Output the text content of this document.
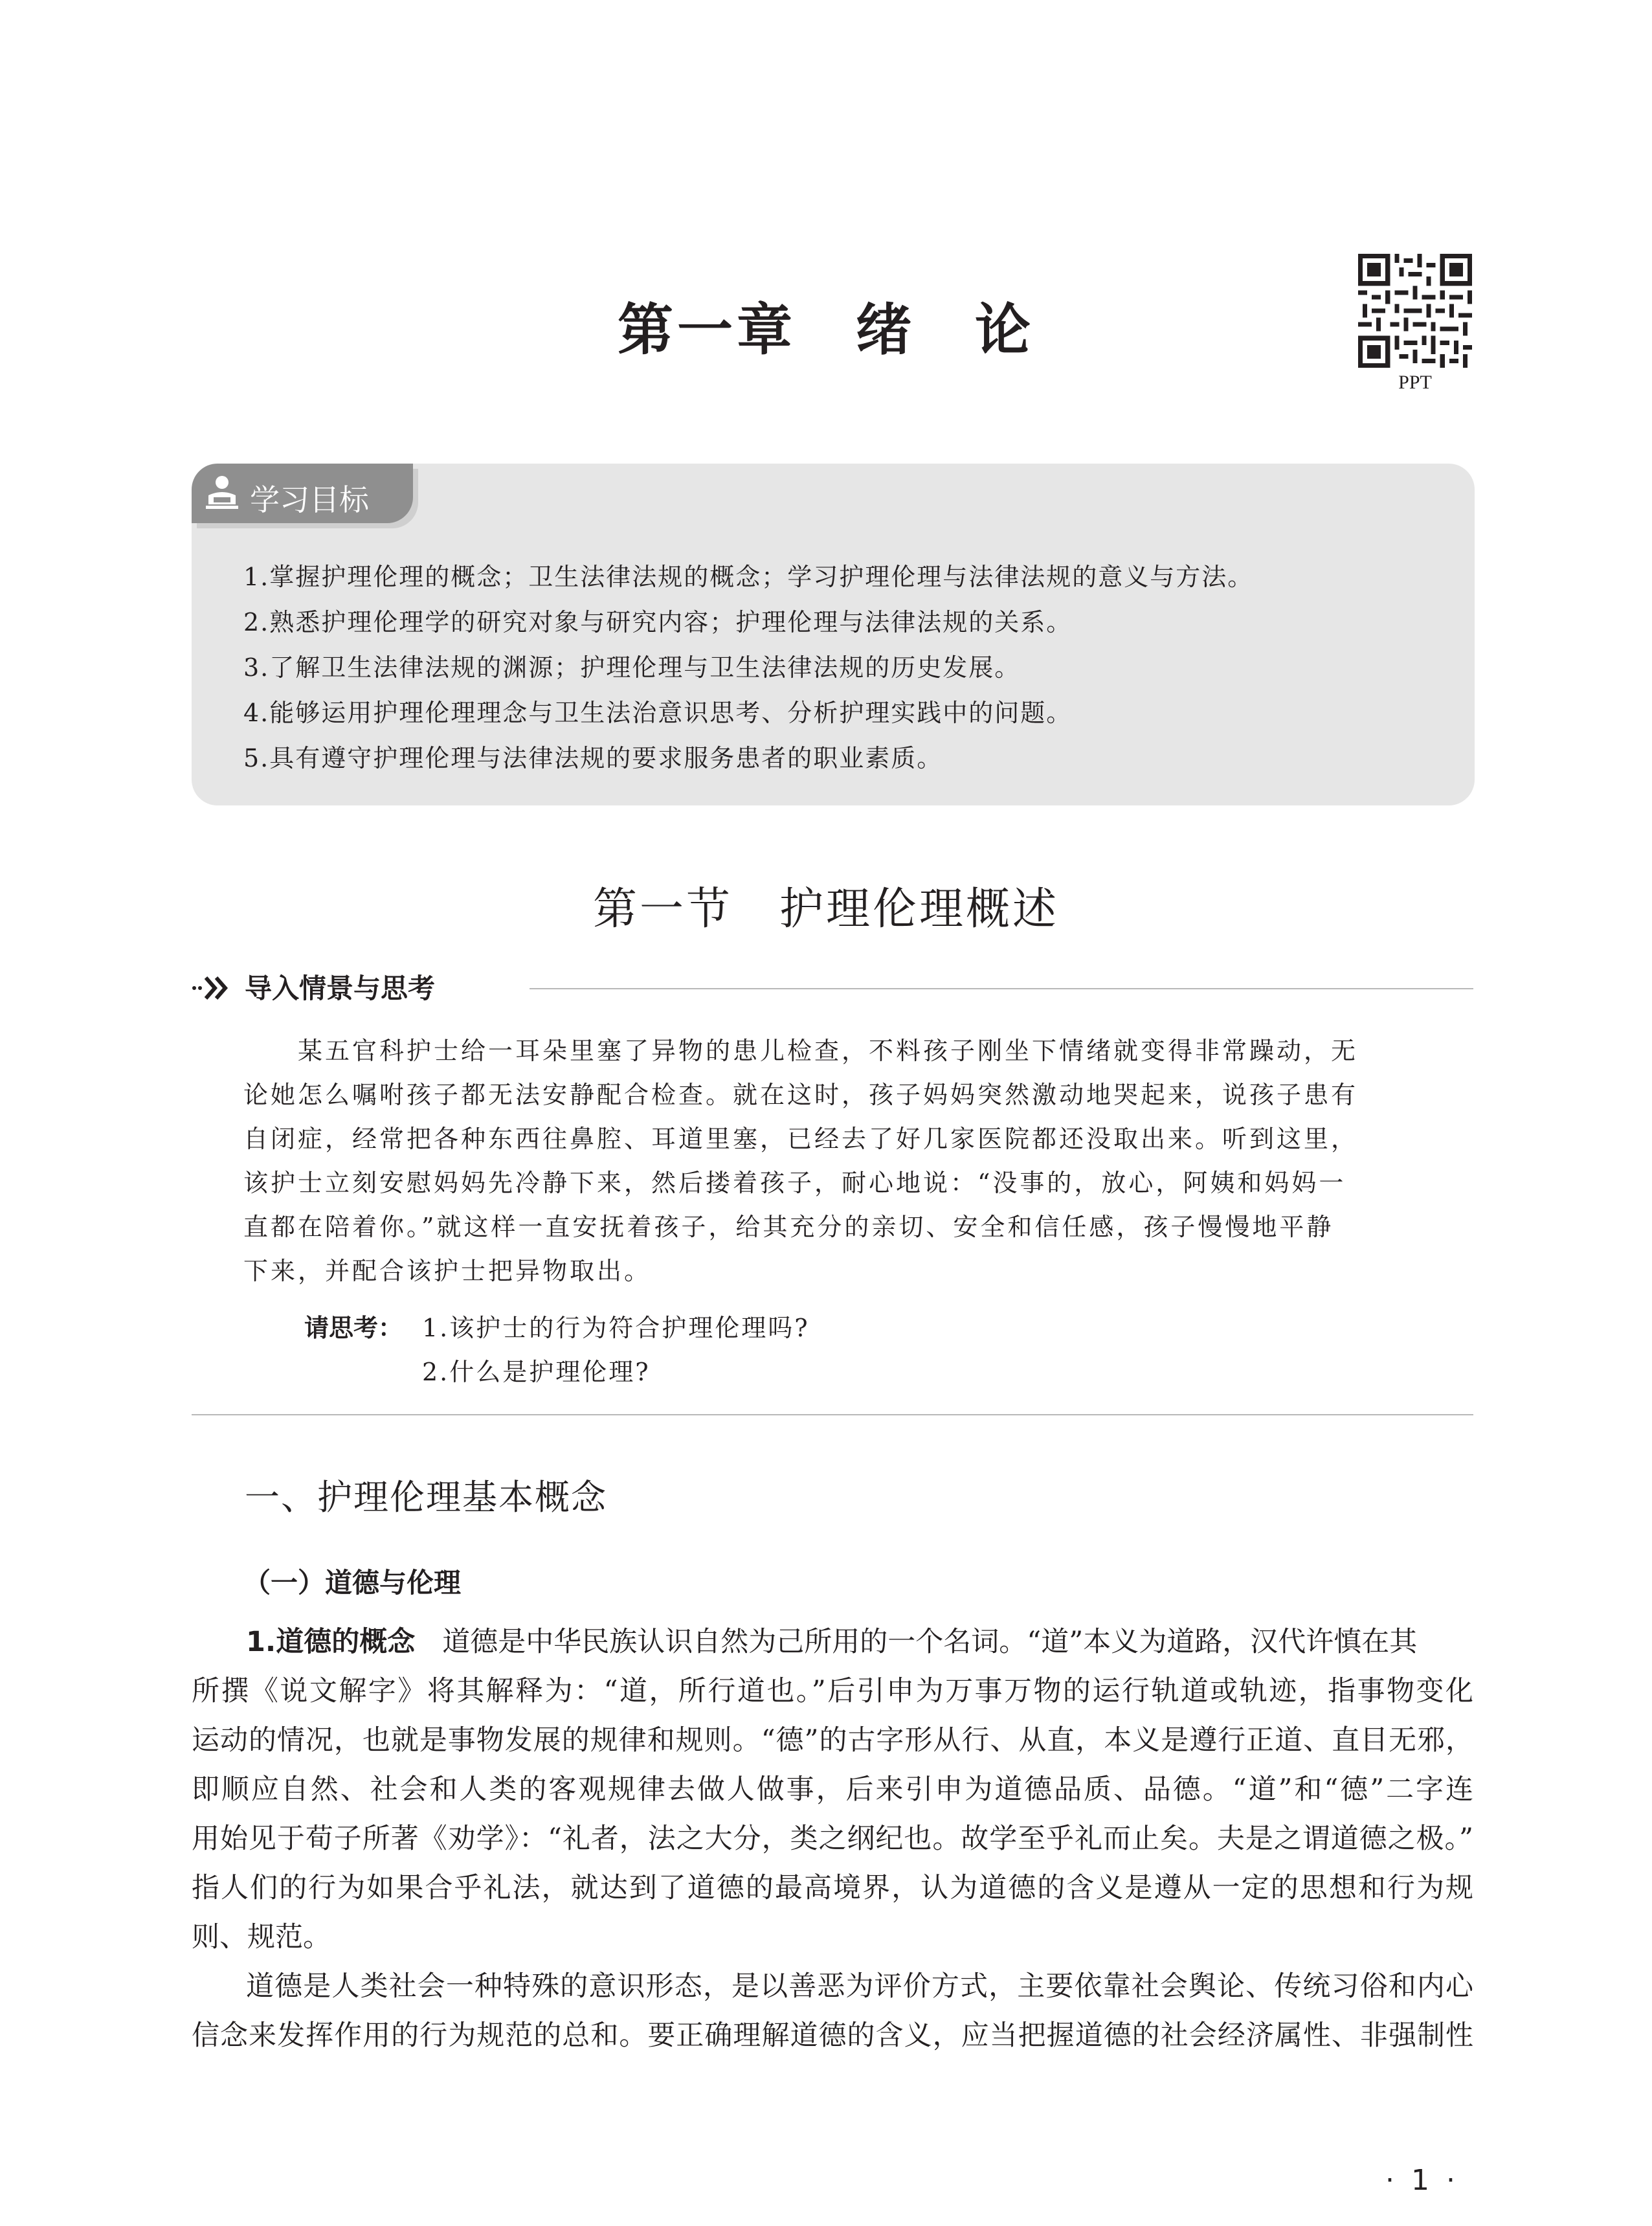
第一章　绪　论
PPT
学习目标
1.掌握护理伦理的概念；卫生法律法规的概念；学习护理伦理与法律法规的意义与方法。
2.熟悉护理伦理学的研究对象与研究内容；护理伦理与法律法规的关系。
3.了解卫生法律法规的渊源；护理伦理与卫生法律法规的历史发展。
4.能够运用护理伦理理念与卫生法治意识思考、分析护理实践中的问题。
5.具有遵守护理伦理与法律法规的要求服务患者的职业素质。
第一节　护理伦理概述
导入情景与思考
　　某五官科护士给一耳朵里塞了异物的患儿检查，不料孩子刚坐下情绪就变得非常躁动，无
论她怎么嘱咐孩子都无法安静配合检查。就在这时，孩子妈妈突然激动地哭起来，说孩子患有
自闭症，经常把各种东西往鼻腔、耳道里塞，已经去了好几家医院都还没取出来。听到这里，
该护士立刻安慰妈妈先冷静下来，然后搂着孩子，耐心地说：“没事的，放心，阿姨和妈妈一
直都在陪着你。”就这样一直安抚着孩子，给其充分的亲切、安全和信任感，孩子慢慢地平静
下来，并配合该护士把异物取出。
请思考： 1.该护士的行为符合护理伦理吗?
2.什么是护理伦理?
一、护理伦理基本概念
（一）道德与伦理
1.道德的概念 道德是中华民族认识自然为己所用的一个名词。“道”本义为道路，汉代许慎在其
所撰《说文解字》将其解释为：“道，所行道也。”后引申为万事万物的运行轨道或轨迹，指事物变化
运动的情况，也就是事物发展的规律和规则。“德”的古字形从行、从直，本义是遵行正道、直目无邪，
即顺应自然、社会和人类的客观规律去做人做事，后来引申为道德品质、品德。“道”和“德”二字连
用始见于荀子所著《劝学》：“礼者，法之大分，类之纲纪也。故学至乎礼而止矣。夫是之谓道德之极。”
指人们的行为如果合乎礼法，就达到了道德的最高境界，认为道德的含义是遵从一定的思想和行为规
则、规范。
道德是人类社会一种特殊的意识形态，是以善恶为评价方式，主要依靠社会舆论、传统习俗和内心
信念来发挥作用的行为规范的总和。要正确理解道德的含义，应当把握道德的社会经济属性、非强制性
· 1 ·
